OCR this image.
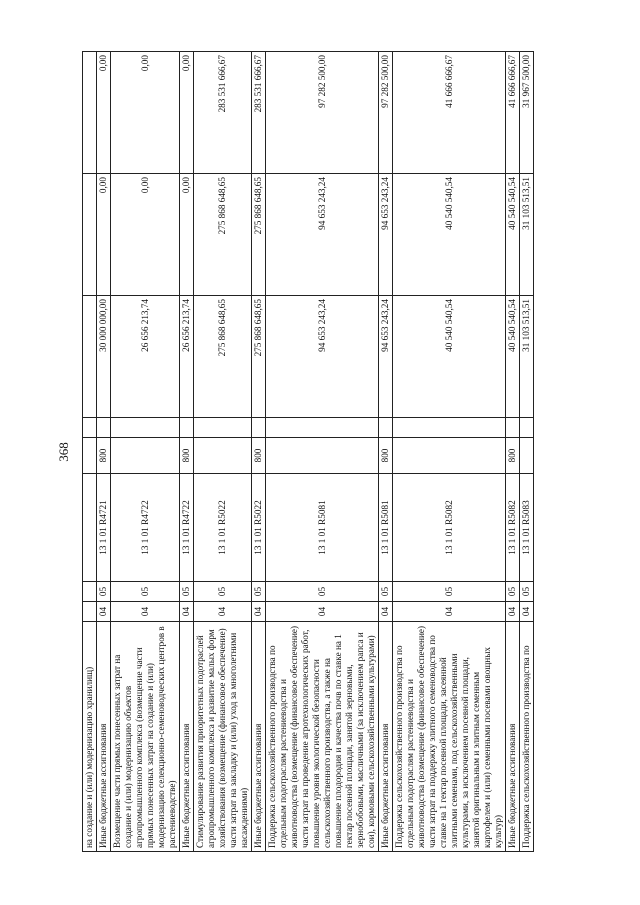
368
на создание и (или) модернизацию хранилищ)								
Иные бюджетные ассигнования	04	05	13 1 01 R4721	800		30 000 000,00	0,00	0,00
Возмещение части прямых понесенных затрат на создание и (или) модернизацию объектов агропромышленного комплекса (возмещение части прямых понесенных затрат на создание и (или) модернизацию селекционно-семеноводческих центров в растениеводстве)	04	05	13 1 01 R4722			26 656 213,74	0,00	0,00
Иные бюджетные ассигнования	04	05	13 1 01 R4722	800		26 656 213,74	0,00	0,00
Стимулирование развития приоритетных подотраслей агропромышленного комплекса и развитие малых форм хозяйствования (возмещение (финансовое обеспечение) части затрат на закладку и (или) уход за многолетними насаждениями)	04	05	13 1 01 R5022			275 868 648,65	275 868 648,65	283 531 666,67
Иные бюджетные ассигнования	04	05	13 1 01 R5022	800		275 868 648,65	275 868 648,65	283 531 666,67
Поддержка сельскохозяйственного производства по отдельным подотраслям растениеводства и животноводства (возмещение (финансовое обеспечение) части затрат на проведение агротехнологических работ, повышение уровня экологической безопасности сельскохозяйственного производства, а также на повышение плодородия и качества почв по ставке на 1 гектар посевной площади, занятой зерновыми, зернобобовыми, масличными (за исключением рапса и сои), кормовыми сельскохозяйственными культурами)	04	05	13 1 01 R5081			94 653 243,24	94 653 243,24	97 282 500,00
Иные бюджетные ассигнования	04	05	13 1 01 R5081	800		94 653 243,24	94 653 243,24	97 282 500,00
Поддержка сельскохозяйственного производства по отдельным подотраслям растениеводства и животноводства (возмещение (финансовое обеспечение) части затрат на поддержку элитного семеноводства по ставке на 1 гектар посевной площади, засеянной элитными семенами, под сельскохозяйственными культурами, за исключением посевной площади, занятой оригинальным и элитным семенным картофелем и (или) семенными посевами овощных культур)	04	05	13 1 01 R5082			40 540 540,54	40 540 540,54	41 666 666,67
Иные бюджетные ассигнования	04	05	13 1 01 R5082	800		40 540 540,54	40 540 540,54	41 666 666,67
Поддержка сельскохозяйственного производства по	04	05	13 1 01 R5083			31 103 513,51	31 103 513,51	31 967 500,00
